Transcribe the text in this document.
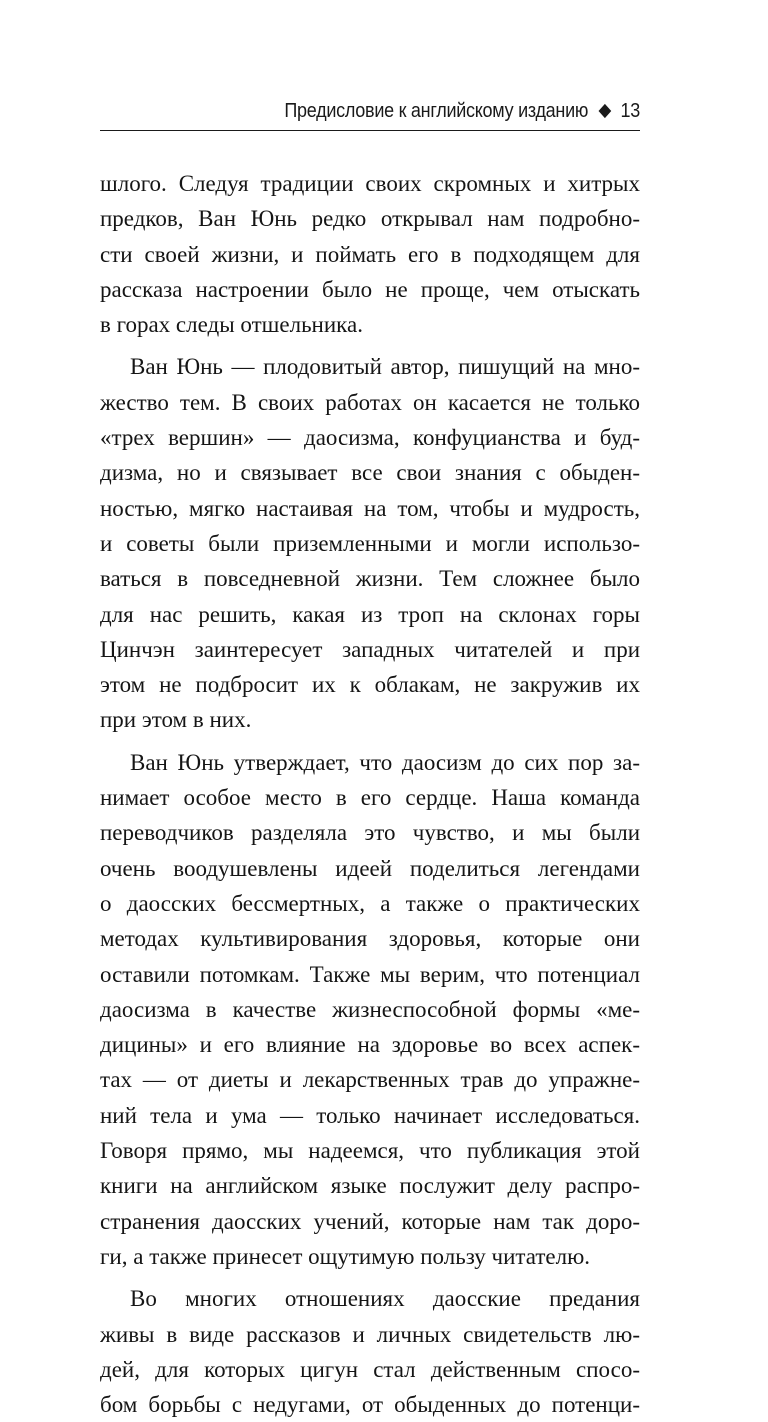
Предисловие к английскому изданию 13
шлого. Следуя традиции своих скромных и хитрых
предков, Ван Юнь редко открывал нам подробно-
сти своей жизни, и поймать его в подходящем для
рассказа настроении было не проще, чем отыскать
в горах следы отшельника.
Ван Юнь — плодовитый автор, пишущий на мно-
жество тем. В своих работах он касается не только
«трех вершин» — даосизма, конфуцианства и буд-
дизма, но и связывает все свои знания с обыден-
ностью, мягко настаивая на том, чтобы и мудрость,
и советы были приземленными и могли использо-
ваться в повседневной жизни. Тем сложнее было
для нас решить, какая из троп на склонах горы
Цинчэн заинтересует западных читателей и при
этом не подбросит их к облакам, не закружив их
при этом в них.
Ван Юнь утверждает, что даосизм до сих пор за-
нимает особое место в его сердце. Наша команда
переводчиков разделяла это чувство, и мы были
очень воодушевлены идеей поделиться легендами
о даосских бессмертных, а также о практических
методах культивирования здоровья, которые они
оставили потомкам. Также мы верим, что потенциал
даосизма в качестве жизнеспособной формы «ме-
дицины» и его влияние на здоровье во всех аспек-
тах — от диеты и лекарственных трав до упражне-
ний тела и ума — только начинает исследоваться.
Говоря прямо, мы надеемся, что публикация этой
книги на английском языке послужит делу распро-
странения даосских учений, которые нам так доро-
ги, а также принесет ощутимую пользу читателю.
Во многих отношениях даосские предания
живы в виде рассказов и личных свидетельств лю-
дей, для которых цигун стал действенным спосо-
бом борьбы с недугами, от обыденных до потенци-
